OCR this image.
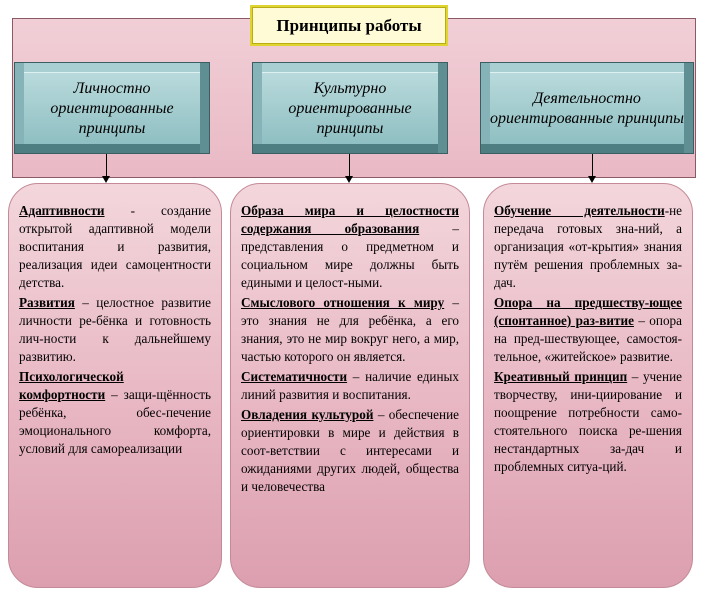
Принципы работы
Личностно ориентированные принципы
Культурно ориентированные принципы
Деятельностно ориентированные принципы

Адаптивности - создание открытой адаптивной модели воспитания и развития, реализация идеи самоцентности детства.

Развития – целостное развитие личности ре-бёнка и готовность лич-ности к дальнейшему развитию.

Психологической комфортности – защи-щённость ребёнка, обес-печение эмоционального комфорта, условий для самореализации

Образа мира и целостности содержания образования – представления о предметном и социальном мире должны быть едиными и целост-ными.

Смыслового отношения к миру – это знания не для ребёнка, а его знания, это не мир вокруг него, а мир, частью которого он является.

Систематичности – наличие единых линий развития и воспитания.

Овладения культурой – обеспечение ориентировки в мире и действия в соот-ветствии с интересами и ожиданиями других людей, общества и человечества

Обучение деятельности-не передача готовых зна-ний, а организация «от-крытия» знания путём решения проблемных за-дач.

Опора на предшеству-ющее (спонтанное) раз-витие – опора на пред-шествующее, самостоя-тельное, «житейское» развитие.

Креативный принцип – учение творчеству, ини-циирование и поощрение потребности само-стоятельного поиска ре-шения нестандартных за-дач и проблемных ситуа-ций.
